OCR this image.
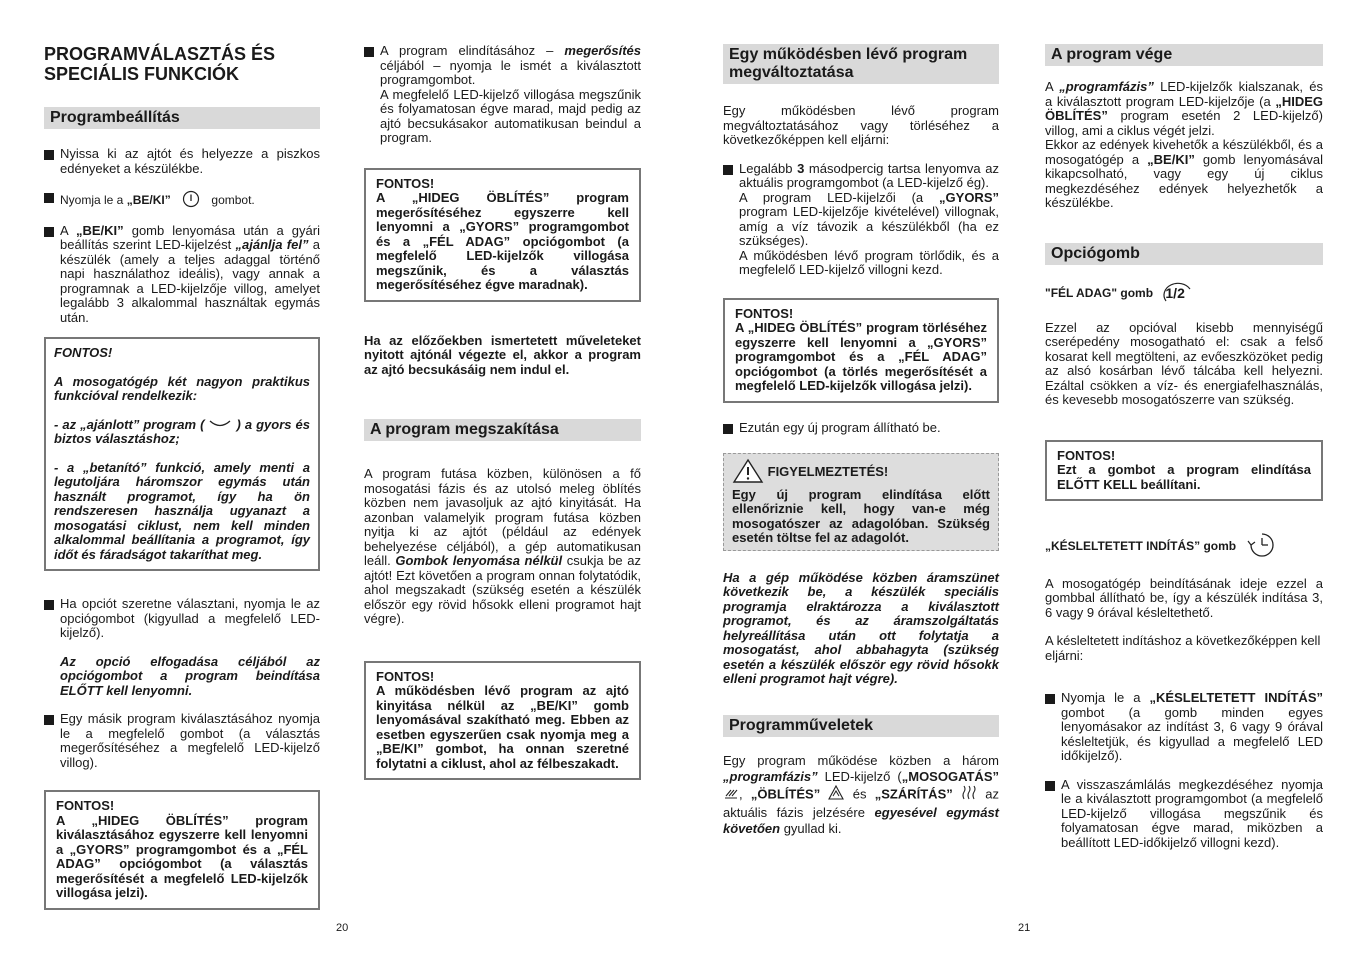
PROGRAMVÁLASZTÁS ÉS SPECIÁLIS FUNKCIÓK
Programbeállítás
Nyissa ki az ajtót és helyezze a piszkos edényeket a készülékbe.
Nyomja le a „BE/KI”	gombot.
A „BE/KI” gomb lenyomása után a gyári beállítás szerint LED-kijelzést „ajánlja fel” a készülék (amely a teljes adaggal történő napi használathoz ideális), vagy annak a programnak a LED-kijelzője villog, amelyet legalább 3 alkalommal használtak egymás után.
FONTOS!
A mosogatógép két nagyon praktikus funkcióval rendelkezik:
- az „ajánlott” program ( ) a gyors és biztos választáshoz;
- a „betanító” funkció, amely menti a legutoljára háromszor egymás után használt programot, így ha ön rendszeresen használja ugyanazt a mosogatási ciklust, nem kell minden alkalommal beállítania a programot, így időt és fáradságot takaríthat meg.
Ha opciót szeretne választani, nyomja le az opciógombot (kigyullad a megfelelő LED-kijelző).
Az opció elfogadása céljából az opciógombot a program beindítása ELŐTT kell lenyomni.
Egy másik program kiválasztásához nyomja le a megfelelő gombot (a választás megerősítéséhez a megfelelő LED-kijelző villog).
FONTOS!
A „HIDEG ÖBLÍTÉS” program kiválasztásához egyszerre kell lenyomni a „GYORS” programgombot és a „FÉL ADAG” opciógombot (a választás megerősítését a megfelelő LED-kijelzők villogása jelzi).
20
A program elindításához – megerősítés céljából – nyomja le ismét a kiválasztott programgombot.
A megfelelő LED-kijelző villogása megszűnik és folyamatosan égve marad, majd pedig az ajtó becsukásakor automatikusan beindul a program.
FONTOS!
A „HIDEG ÖBLÍTÉS” program megerősítéséhez egyszerre kell lenyomni a „GYORS” programgombot és a „FÉL ADAG” opciógombot (a megfelelő LED-kijelzők villogása megszűnik, és a választás megerősítéséhez égve maradnak).
Ha az előzőekben ismertetett műveleteket nyitott ajtónál végezte el, akkor a program az ajtó becsukásáig nem indul el.
A program megszakítása
A program futása közben, különösen a fő mosogatási fázis és az utolsó meleg öblítés közben nem javasoljuk az ajtó kinyitását. Ha azonban valamelyik program futása közben nyitja ki az ajtót (például az edények behelyezése céljából), a gép automatikusan leáll. Gombok lenyomása nélkül csukja be az ajtót! Ezt követően a program onnan folytatódik, ahol megszakadt (szükség esetén a készülék először egy rövid hősokk elleni programot hajt végre).
FONTOS!
A működésben lévő program az ajtó kinyitása nélkül az „BE/KI” gomb lenyomásával szakítható meg. Ebben az esetben egyszerűen csak nyomja meg a „BE/KI” gombot, ha onnan szeretné folytatni a ciklust, ahol az félbeszakadt.
Egy működésben lévő program megváltoztatása
Egy működésben lévő program megváltoztatásához vagy törléséhez a következőképpen kell eljárni:
Legalább 3 másodpercig tartsa lenyomva az aktuális programgombot (a LED-kijelző ég).
A program LED-kijelzői (a „GYORS” program LED-kijelzője kivételével) villognak, amíg a víz távozik a készülékből (ha ez szükséges).
A működésben lévő program törlődik, és a megfelelő LED-kijelző villogni kezd.
FONTOS!
A „HIDEG ÖBLÍTÉS” program törléséhez egyszerre kell lenyomni a „GYORS” programgombot és a „FÉL ADAG” opciógombot (a törlés megerősítését a megfelelő LED-kijelzők villogása jelzi).
Ezután egy új program állítható be.
FIGYELMEZTETÉS!
Egy új program elindítása előtt ellenőriznie kell, hogy van-e még mosogatószer az adagolóban. Szükség esetén töltse fel az adagolót.
Ha a gép működése közben áramszünet következik be, a készülék speciális programja elraktározza a kiválasztott programot, és az áramszolgáltatás helyreállítása után ott folytatja a mosogatást, ahol abbahagyta (szükség esetén a készülék először egy rövid hősokk elleni programot hajt végre).
Programműveletek
Egy program működése közben a három „programfázis” LED-kijelző („MOSOGATÁS” , „ÖBLÍTÉS”  és „SZÁRÍTÁS”	az aktuális fázis jelzésére egyesével egymást követően gyullad ki.
A program vége
A „programfázis” LED-kijelzők kialszanak, és a kiválasztott program LED-kijelzője (a „HIDEG ÖBLÍTÉS” program esetén 2 LED-kijelző) villog, ami a ciklus végét jelzi.
Ekkor az edények kivehetők a készülékből, és a mosogatógép a „BE/KI” gomb lenyomásával kikapcsolható, vagy egy új ciklus megkezdéséhez edények helyezhetők a készülékbe.
Opciógomb
"FÉL ADAG" gomb 1/2
Ezzel az opcióval kisebb mennyiségű cserépedény mosogatható el: csak a felső kosarat kell megtölteni, az evőeszközöket pedig az alsó kosárban lévő tálcába kell helyezni. Ezáltal csökken a víz- és energiafelhasználás, és kevesebb mosogatószerre van szükség.
FONTOS!
Ezt a gombot a program elindítása ELŐTT KELL beállítani.
„KÉSLELTETETT INDÍTÁS” gomb
A mosogatógép beindításának ideje ezzel a gombbal állítható be, így a készülék indítása 3, 6 vagy 9 órával késleltethető.
A késleltetett indításhoz a következőképpen kell eljárni:
Nyomja le a „KÉSLELTETETT INDÍTÁS” gombot (a gomb minden egyes lenyomásakor az indítást 3, 6 vagy 9 órával késleltetjük, és kigyullad a megfelelő LED időkijelző).
A visszaszámlálás megkezdéséhez nyomja le a kiválasztott programgombot (a megfelelő LED-kijelző villogása megszűnik és folyamatosan égve marad, miközben a beállított LED-időkijelző villogni kezd).
21
